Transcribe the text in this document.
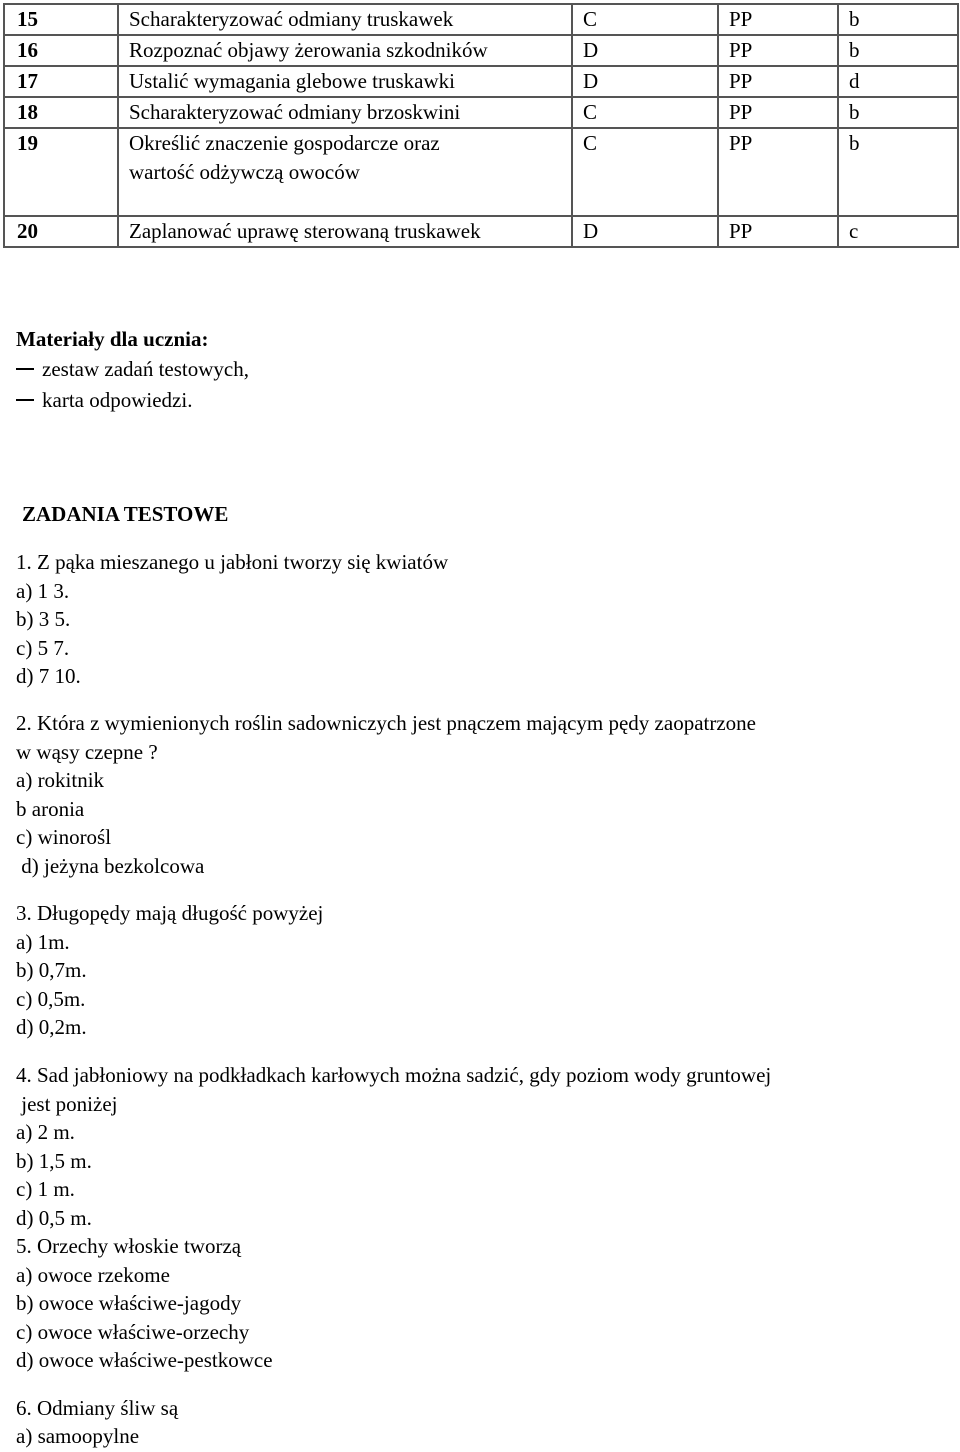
15	Scharakteryzować odmiany truskawek	C	PP	b
16	Rozpoznać objawy żerowania szkodników	D	PP	b
17	Ustalić wymagania glebowe truskawki	D	PP	d
18	Scharakteryzować odmiany brzoskwini	C	PP	b
19	Określić znaczenie gospodarcze oraz
wartość odżywczą owoców	C	PP	b
20	Zaplanować uprawę sterowaną truskawek	D	PP	c
Materiały dla ucznia:
zestaw zadań testowych,
karta odpowiedzi.
ZADANIA TESTOWE
1. Z pąka mieszanego u jabłoni tworzy się kwiatów
a) 1 3.
b) 3 5.
c) 5 7.
d) 7 10.
2. Która z wymienionych roślin sadowniczych jest pnączem mającym pędy zaopatrzone
w wąsy czepne ?
a) rokitnik
b aronia
c) winorośl
d) jeżyna bezkolcowa
3. Długopędy mają długość powyżej
a) 1m.
b) 0,7m.
c) 0,5m.
d) 0,2m.
4. Sad jabłoniowy na podkładkach karłowych można sadzić, gdy poziom wody gruntowej
jest poniżej
a) 2 m.
b) 1,5 m.
c) 1 m.
d) 0,5 m.
5. Orzechy włoskie tworzą
a) owoce rzekome
b) owoce właściwe-jagody
c) owoce właściwe-orzechy
d) owoce właściwe-pestkowce
6. Odmiany śliw są
a) samoopylne
